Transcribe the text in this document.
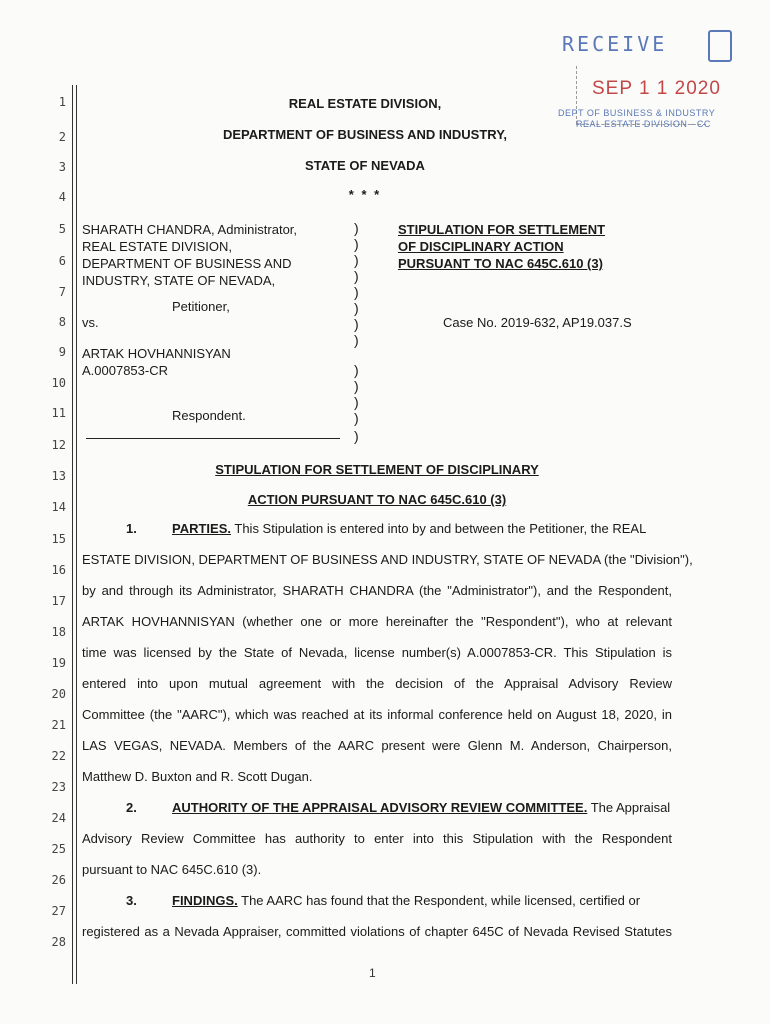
1
2
3
4
5
6
7
8
9
10
11
12
13
14
15
16
17
18
19
20
21
22
23
24
25
26
27
28
RECEIVE
SEP 1 1 2020
DEPT OF BUSINESS & INDUSTRY
REAL ESTATE DIVISION - CC
REAL ESTATE DIVISION,
DEPARTMENT OF BUSINESS AND INDUSTRY,
STATE OF NEVADA
* * *
SHARATH CHANDRA, Administrator,
REAL ESTATE DIVISION,
DEPARTMENT OF BUSINESS AND
INDUSTRY, STATE OF NEVADA,
Petitioner,
vs.
ARTAK HOVHANNISYAN
A.0007853-CR
Respondent.
)
)
)
)
)
)
)
)
)
)
)
)
)
STIPULATION FOR SETTLEMENT
OF DISCIPLINARY ACTION
PURSUANT TO NAC 645C.610 (3)
Case No. 2019-632, AP19.037.S
STIPULATION FOR SETTLEMENT OF DISCIPLINARY
ACTION PURSUANT TO NAC 645C.610 (3)
1.	PARTIES. This Stipulation is entered into by and between the Petitioner, the REAL
ESTATE DIVISION, DEPARTMENT OF BUSINESS AND INDUSTRY, STATE OF NEVADA (the "Division"),
by and through its Administrator, SHARATH CHANDRA (the "Administrator"), and the Respondent,
ARTAK HOVHANNISYAN (whether one or more hereinafter the "Respondent"), who at relevant
time was licensed by the State of Nevada, license number(s) A.0007853-CR. This Stipulation is
entered into upon mutual agreement with the decision of the Appraisal Advisory Review
Committee (the "AARC"), which was reached at its informal conference held on August 18, 2020, in
LAS VEGAS, NEVADA. Members of the AARC present were Glenn M. Anderson, Chairperson,
Matthew D. Buxton and R. Scott Dugan.
2.	AUTHORITY OF THE APPRAISAL ADVISORY REVIEW COMMITTEE. The Appraisal
Advisory Review Committee has authority to enter into this Stipulation with the Respondent
pursuant to NAC 645C.610 (3).
3.	FINDINGS. The AARC has found that the Respondent, while licensed, certified or
registered as a Nevada Appraiser, committed violations of chapter 645C of Nevada Revised Statutes
1
